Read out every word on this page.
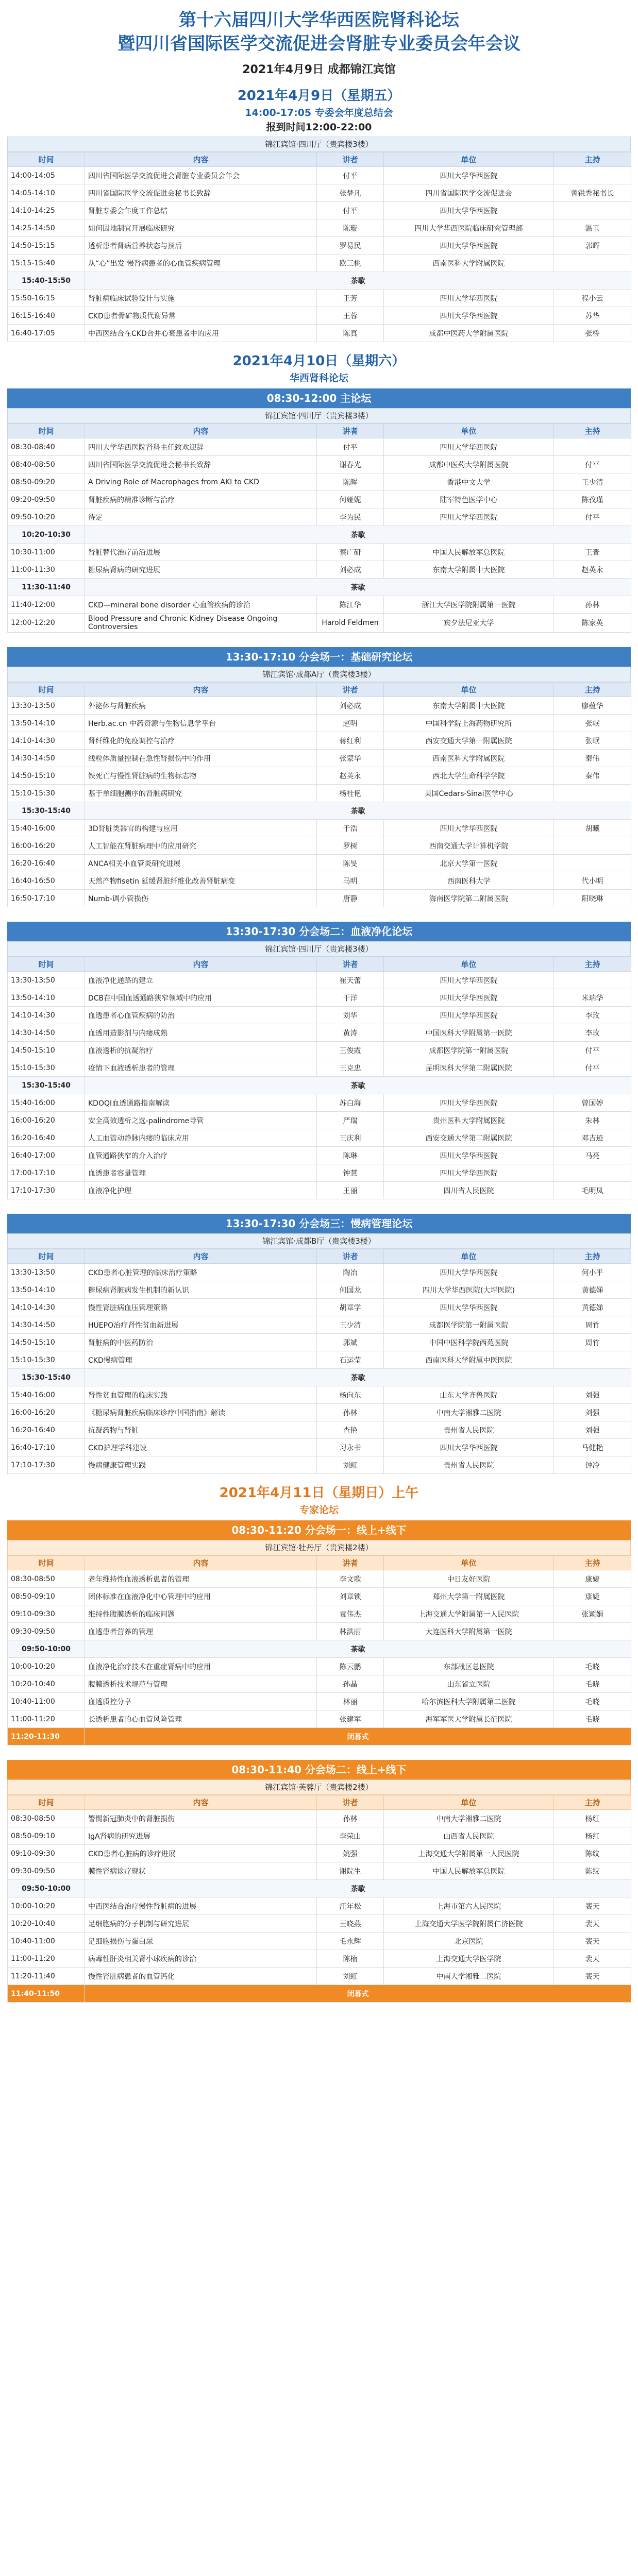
第十六届四川大学华西医院肾科论坛
暨四川省国际医学交流促进会肾脏专业委员会年会议
2021年4月9日 成都锦江宾馆
2021年4月9日（星期五）
14:00-17:05 专委会年度总结会
报到时间12:00-22:00
锦江宾馆·四川厅（贵宾楼3楼）
时间	内容	讲者	单位	主持
14:00-14:05	四川省国际医学交流促进会肾脏专业委员会年会	付平	四川大学华西医院	
14:05-14:10	四川省国际医学交流促进会秘书长致辞	张梦凡	四川省国际医学交流促进会	曾锐秀秘书长
14:10-14:25	肾脏专委会年度工作总结	付平	四川大学华西医院	
14:25-14:50	如何因地制宜开展临床研究	陈璇	四川大学华西医院临床研究管理部	温玉
14:50-15:15	透析患者肾病营养状态与预后	罗易民	四川大学华西医院	郭晖
15:15-15:40	从“心”出发 慢肾病患者的心血管疾病管理	欧三桃	西南医科大学附属医院	
15:40-15:50	茶歇			
15:50-16:15	肾脏病临床试验设计与实施	王芳	四川大学华西医院	程小云
16:15-16:40	CKD患者骨矿物质代谢异常	王蓉	四川大学华西医院	苏华
16:40-17:05	中西医结合在CKD合并心衰患者中的应用	陈真	成都中医药大学附属医院	张桥
2021年4月10日（星期六）
华西肾科论坛
08:30-12:00 主论坛
锦江宾馆·四川厅（贵宾楼3楼）
时间	内容	讲者	单位	主持
08:30-08:40	四川大学华西医院肾科主任致欢迎辞	付平	四川大学华西医院	
08:40-08:50	四川省国际医学交流促进会秘书长致辞	谢春光	成都中医药大学附属医院	付平
08:50-09:20	A Driving Role of Macrophages from AKI to CKD	陈晖	香港中文大学	王少清
09:20-09:50	肾脏疾病的精准诊断与治疗	何娅妮	陆军特色医学中心	陈孜瑾
09:50-10:20	待定	李为民	四川大学华西医院	付平
10:20-10:30	茶歇			
10:30-11:00	肾脏替代治疗前沿进展	蔡广研	中国人民解放军总医院	王晋
11:00-11:30	糖尿病肾病的研究进展	刘必成	东南大学附属中大医院	赵英永
11:30-11:40	茶歇			
11:40-12:00	CKD—mineral bone disorder 心血管疾病的诊治	陈江华	浙江大学医学院附属第一医院	孙林
12:00-12:20	Blood Pressure and Chronic Kidney Disease Ongoing Controversies	Harold Feldmen	宾夕法尼亚大学	陈家英
13:30-17:10 分会场一：基础研究论坛
锦江宾馆·成都A厅（贵宾楼3楼）
时间	内容	讲者	单位	主持
13:30-13:50	外泌体与肾脏疾病	刘必成	东南大学附属中大医院	廖蕴华
13:50-14:10	Herb.ac.cn 中药资源与生物信息学平台	赵明	中国科学院上海药物研究所	张岷
14:10-14:30	肾纤维化的免疫调控与治疗	蒋红利	西安交通大学第一附属医院	张岷
14:30-14:50	线粒体质量控制在急性肾损伤中的作用	张蒙华	西南医科大学附属医院	秦伟
14:50-15:10	铁死亡与慢性肾脏病的生物标志物	赵英永	西北大学生命科学学院	秦伟
15:10-15:30	基于单细胞测序的肾脏病研究	杨桂艳	美国Cedars-Sinai医学中心	
15:30-15:40	茶歇			
15:40-16:00	3D肾脏类器官的构建与应用	于浩	四川大学华西医院	胡曦
16:00-16:20	人工智能在肾脏病理中的应用研究	罗树	西南交通大学计算机学院	
16:20-16:40	ANCA相关小血管炎研究进展	陈旻	北京大学第一医院	
16:40-16:50	天然产物fisetin 延缓肾脏纤维化改善肾脏病变	马明	西南医科大学	代小明
16:50-17:10	Numb-调小管损伤	唐静	海南医学院第二附属医院	阳晓琳
13:30-17:30 分会场二：血液净化论坛
锦江宾馆·四川厅（贵宾楼3楼）
时间	内容	讲者	单位	主持
13:30-13:50	血液净化通路的建立	崔天蕾	四川大学华西医院	
13:50-14:10	DCB在中国血透通路狭窄领域中的应用	于洋	四川大学华西医院	米瑞华
14:10-14:30	血透患者心血管疾病的防治	刘华	四川大学华西医院	李玫
14:30-14:50	血透用造影剂与内瘘成熟	黄涛	中国医科大学附属第一医院	李玫
14:50-15:10	血液透析的抗凝治疗	王俊霞	成都医学院第一附属医院	付平
15:10-15:30	疫情下血液透析患者的管理	王克忠	昆明医科大学第二附属医院	付平
15:30-15:40	茶歇			
15:40-16:00	KDOQI血透通路指南解读	苏白海	四川大学华西医院	曾国婷
16:00-16:20	安全高效透析之选-palindrome导管	严瑞	贵州医科大学附属医院	朱林
16:20-16:40	人工血管动静脉内瘘的临床应用	王庆利	西安交通大学第二附属医院	邓吉迹
16:40-17:00	血管通路狭窄的介入治疗	陈琳	四川大学华西医院	马亮
17:00-17:10	血透患者容量管理	钟慧	四川大学华西医院	
17:10-17:30	血液净化护理	王丽	四川省人民医院	毛明凤
13:30-17:30 分会场三：慢病管理论坛
锦江宾馆·成都B厅（贵宾楼3楼）
时间	内容	讲者	单位	主持
13:30-13:50	CKD患者心脏管理的临床治疗策略	陶冶	四川大学华西医院	何小平
13:50-14:10	糖尿病肾脏病发生机制的新认识	何国龙	四川大学华西医院(大坪医院)	黄德娣
14:10-14:30	慢性肾脏病血压管理策略	胡章学	四川大学华西医院	黄德娣
14:30-14:50	HUEPO治疗肾性贫血新进展	王少清	成都医学院第一附属医院	周竹
14:50-15:10	肾脏病的中医药防治	郭斌	中国中医科学院西苑医院	周竹
15:10-15:30	CKD慢病管理	石运莹	西南医科大学附属中医医院	
15:30-15:40	茶歇			
15:40-16:00	肾性贫血管理的临床实践	杨向东	山东大学齐鲁医院	刘强
16:00-16:20	《糖尿病肾脏疾病临床诊疗中国指南》解读	孙林	中南大学湘雅二医院	刘强
16:20-16:40	抗凝药物与肾脏	查艳	贵州省人民医院	刘强
16:40-17:10	CKD护理学科建设	习永书	四川大学华西医院	马健艳
17:10-17:30	慢病健康管理实践	刘虹	贵州省人民医院	钟冷
2021年4月11日（星期日）上午
专家论坛
08:30-11:20 分会场一：线上+线下
锦江宾馆·牡丹厅（贵宾楼2楼）
时间	内容	讲者	单位	主持
08:30-08:50	老年维持性血液透析患者的管理	李文歌	中日友好医院	康婕
08:50-09:10	团体标准在血液净化中心管理中的应用	刘章锁	郑州大学第一附属医院	康婕
09:10-09:30	维持性腹膜透析的临床问题	袁伟杰	上海交通大学附属第一人民医院	张颖娟
09:30-09:50	血透患者营养的管理	林洪丽	大连医科大学附属第一医院	
09:50-10:00	茶歇			
10:00-10:20	血液净化治疗技术在重症肾病中的应用	陈云鹏	东部战区总医院	毛晓
10:20-10:40	腹膜透析技术规范与管理	孙晶	山东省立医院	毛晓
10:40-11:00	血透质控分享	林丽	哈尔滨医科大学附属第二医院	毛晓
11:00-11:20	长透析患者的心血管风险管理	张建军	海军军医大学附属长征医院	毛晓
11:20-11:30	闭幕式			
08:30-11:40 分会场二：线上+线下
锦江宾馆·芙蓉厅（贵宾楼2楼）
时间	内容	讲者	单位	主持
08:30-08:50	警惕新冠肺炎中的肾脏损伤	孙林	中南大学湘雅二医院	杨红
08:50-09:10	IgA肾病的研究进展	李荣山	山西省人民医院	杨红
09:10-09:30	CKD患者心脏病的诊疗进展	姚强	上海交通大学附属第一人民医院	陈纹
09:30-09:50	膜性肾病诊疗现状	谢院生	中国人民解放军总医院	陈纹
09:50-10:00	茶歇			
10:00-10:20	中西医结合治疗慢性肾脏病的进展	汪年松	上海市第六人民医院	裴天
10:20-10:40	足细胞病的分子机制与研究进展	王晓燕	上海交通大学医学院附属仁济医院	裴天
10:40-11:00	足细胞损伤与蛋白尿	毛永辉	北京医院	裴天
11:00-11:20	病毒性肝炎相关肾小球疾病的诊治	陈楠	上海交通大学医学院	裴天
11:20-11:40	慢性肾脏病患者的血管钙化	刘虹	中南大学湘雅二医院	裴天
11:40-11:50	闭幕式			
